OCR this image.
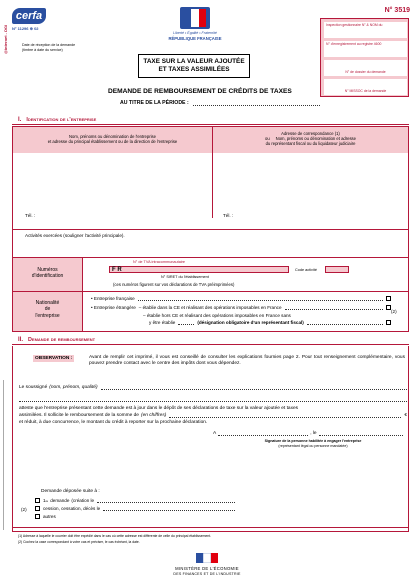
@internet - DGI
cerfa
N° 11296 ⊕ 02
Date de réception de la demande
(timbre à date du service)
Liberté • Égalité • Fraternité
RÉPUBLIQUE FRANÇAISE
TAXE SUR LA VALEUR AJOUTÉE
ET TAXES ASSIMILÉES
N° 3519
Inspection gestionnaire N° & NOM du
N° d'enregistrement au registre 4600
N° de dossier du demande
N° MISSOC de la demande
DEMANDE DE REMBOURSEMENT DE CRÉDITS DE TAXES
AU TITRE DE LA PÉRIODE :
I. Identification de l'entreprise
Nom, prénoms ou dénomination de l'entreprise
et adresse du principal établissement ou de la direction de l'entreprise
Adresse de correspondance (1)
ou Nom, prénoms ou dénomination et adresse
du représentant fiscal ou du liquidateur judiciaire
Tél. :	Tél. :
Activités exercées (souligner l'activité principale).
Numéros
d'identification
N° de TVA intracommunautaire
F R	Code activité
N° SIRET du l'établissement
(ces numéros figurent sur vos déclarations de TVA préimprimées)
Nationalité
de
l'entreprise
• Entreprise française
• Entreprise étrangère – établie dans la CE et réalisant des opérations imposables en France
– établie hors CE et réalisant des opérations imposables en France sans
y être établie	(désignation obligatoire d'un représentant fiscal)
(2)
II. Demande de remboursement
OBSERVATION :	Avant de remplir cet imprimé, il vous est conseillé de consulter les explications fournies page 2. Pour tout renseignement complémentaire, vous pouvez prendre contact avec le centre des impôts dont vous dépendez.
Le soussigné (nom, prénom, qualité)
atteste que l'entreprise présentant cette demande est à jour dans le dépôt de ses déclarations de taxe sur la valeur ajoutée et taxes
assimilées. Il sollicite le remboursement de la somme de (en chiffres)	€
et réduit, à due concurrence, le montant du crédit à reporter sur la prochaine déclaration.
A	, le
Signature de la personne habilitée à engager l'entreprise
(représentant légal ou personne mandatée)
Demande déposée suite à :
(2)
1 re demande (création le
cession, cessation, décès le
autres
(1) Adresse à laquelle le courrier doit être expédié dans le cas où cette adresse est différente de celle du principal établissement.
(2) Cochez la case correspondant à votre cas et préciser, le cas échéant, la date.
MINISTÈRE DE L'ÉCONOMIE
DES FINANCES ET DE L'INDUSTRIE
